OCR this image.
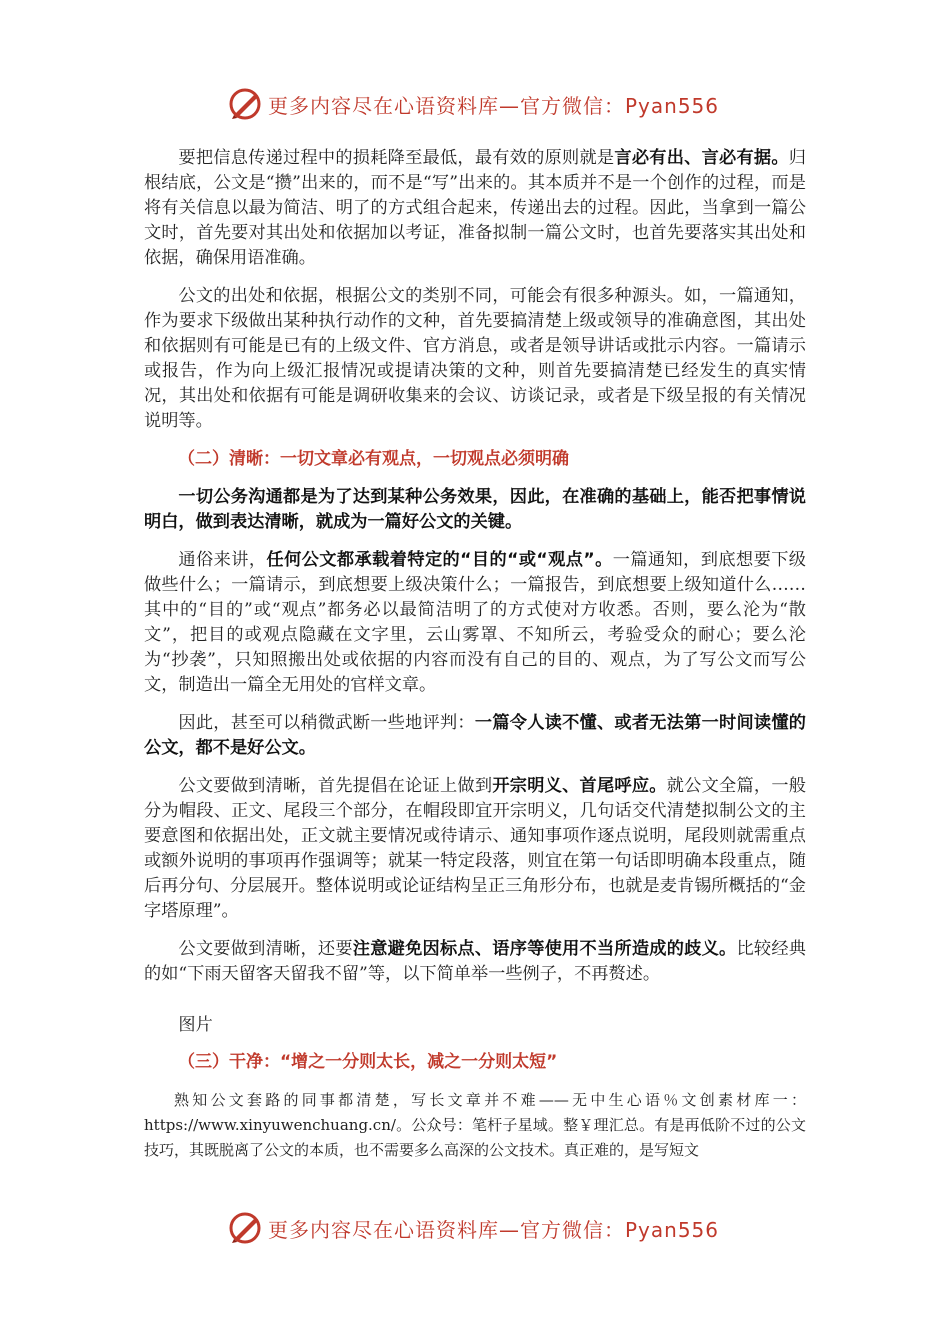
更多内容尽在心语资料库—官方微信：Pyan556

要把信息传递过程中的损耗降至最低，最有效的原则就是言必有出、言必有据。归根结底，公文是“攒”出来的，而不是“写”出来的。其本质并不是一个创作的过程，而是将有关信息以最为简洁、明了的方式组合起来，传递出去的过程。因此，当拿到一篇公文时，首先要对其出处和依据加以考证，准备拟制一篇公文时，也首先要落实其出处和依据，确保用语准确。

公文的出处和依据，根据公文的类别不同，可能会有很多种源头。如，一篇通知，作为要求下级做出某种执行动作的文种，首先要搞清楚上级或领导的准确意图，其出处和依据则有可能是已有的上级文件、官方消息，或者是领导讲话或批示内容。一篇请示或报告，作为向上级汇报情况或提请决策的文种，则首先要搞清楚已经发生的真实情况，其出处和依据有可能是调研收集来的会议、访谈记录，或者是下级呈报的有关情况说明等。

（二）清晰：一切文章必有观点，一切观点必须明确

一切公务沟通都是为了达到某种公务效果，因此，在准确的基础上，能否把事情说明白，做到表达清晰，就成为一篇好公文的关键。

通俗来讲，任何公文都承载着特定的“目的“或“观点”。一篇通知，到底想要下级做些什么；一篇请示，到底想要上级决策什么；一篇报告，到底想要上级知道什么……其中的“目的”或“观点”都务必以最简洁明了的方式使对方收悉。否则，要么沦为“散文”，把目的或观点隐藏在文字里，云山雾罩、不知所云，考验受众的耐心；要么沦为“抄袭”，只知照搬出处或依据的内容而没有自己的目的、观点，为了写公文而写公文，制造出一篇全无用处的官样文章。

因此，甚至可以稍微武断一些地评判：一篇令人读不懂、或者无法第一时间读懂的公文，都不是好公文。

公文要做到清晰，首先提倡在论证上做到开宗明义、首尾呼应。就公文全篇，一般分为帽段、正文、尾段三个部分，在帽段即宜开宗明义，几句话交代清楚拟制公文的主要意图和依据出处，正文就主要情况或待请示、通知事项作逐点说明，尾段则就需重点或额外说明的事项再作强调等；就某一特定段落，则宜在第一句话即明确本段重点，随后再分句、分层展开。整体说明或论证结构呈正三角形分布，也就是麦肯锡所概括的“金字塔原理”。

公文要做到清晰，还要注意避免因标点、语序等使用不当所造成的歧义。比较经典的如“下雨天留客天留我不留”等，以下简单举一些例子，不再赘述。

图片
（三）干净：“增之一分则太长，减之一分则太短”

熟知公文套路的同事都清楚，写长文章并不难——无中生心语％文创素材库一：https://www.xinyuwenchuang.cn/。公众号：笔杆子星域。整￥理汇总。有是再低阶不过的公文技巧，其既脱离了公文的本质，也不需要多么高深的公文技术。真正难的，是写短文

更多内容尽在心语资料库—官方微信：Pyan556
